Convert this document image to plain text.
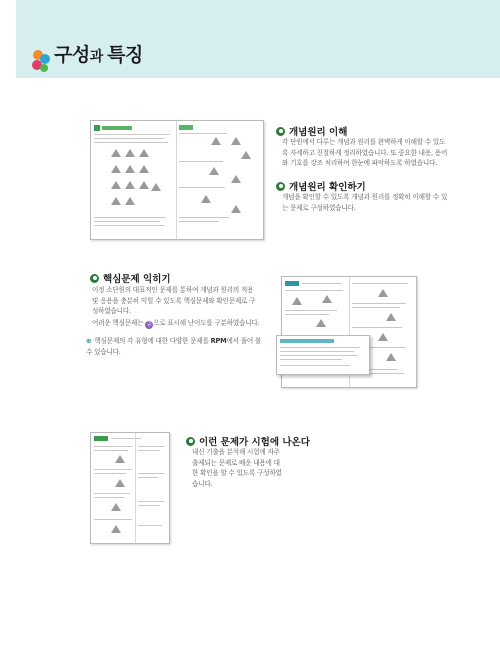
구성과 특징
개념원리 이해
각 단원에서 다루는 개념과 원리를 완벽하게 이해할 수 있도록 자세하고 친절하게 정리하였습니다. 또 중요한 내용, 용어와 기호를 강조 처리하여 한눈에 파악하도록 하였습니다.
개념원리 확인하기
개념을 확인할 수 있도록 개념과 원리를 정확히 이해할 수 있는 문제로 구성하였습니다.
핵심문제 익히기
이정 소단원의 대표적인 문제를 통하여 개념과 원리의 적용 및 응용을 충분히 익힐 수 있도록 핵심문제와 확인문제로 구성하였습니다.
어려운 핵심문제는 중 으로 표시해 난이도를 구분하였습니다.
⊕ 핵심문제의 각 유형에 대한 다양한 문제를 RPM에서 풀어 볼 수 있습니다.
이런 문제가 시험에 나온다
내신 기출을 분석해 시험에 자주 출제되는 문제로 배운 내용에 대한 확인을 할 수 있도록 구성하였습니다.
